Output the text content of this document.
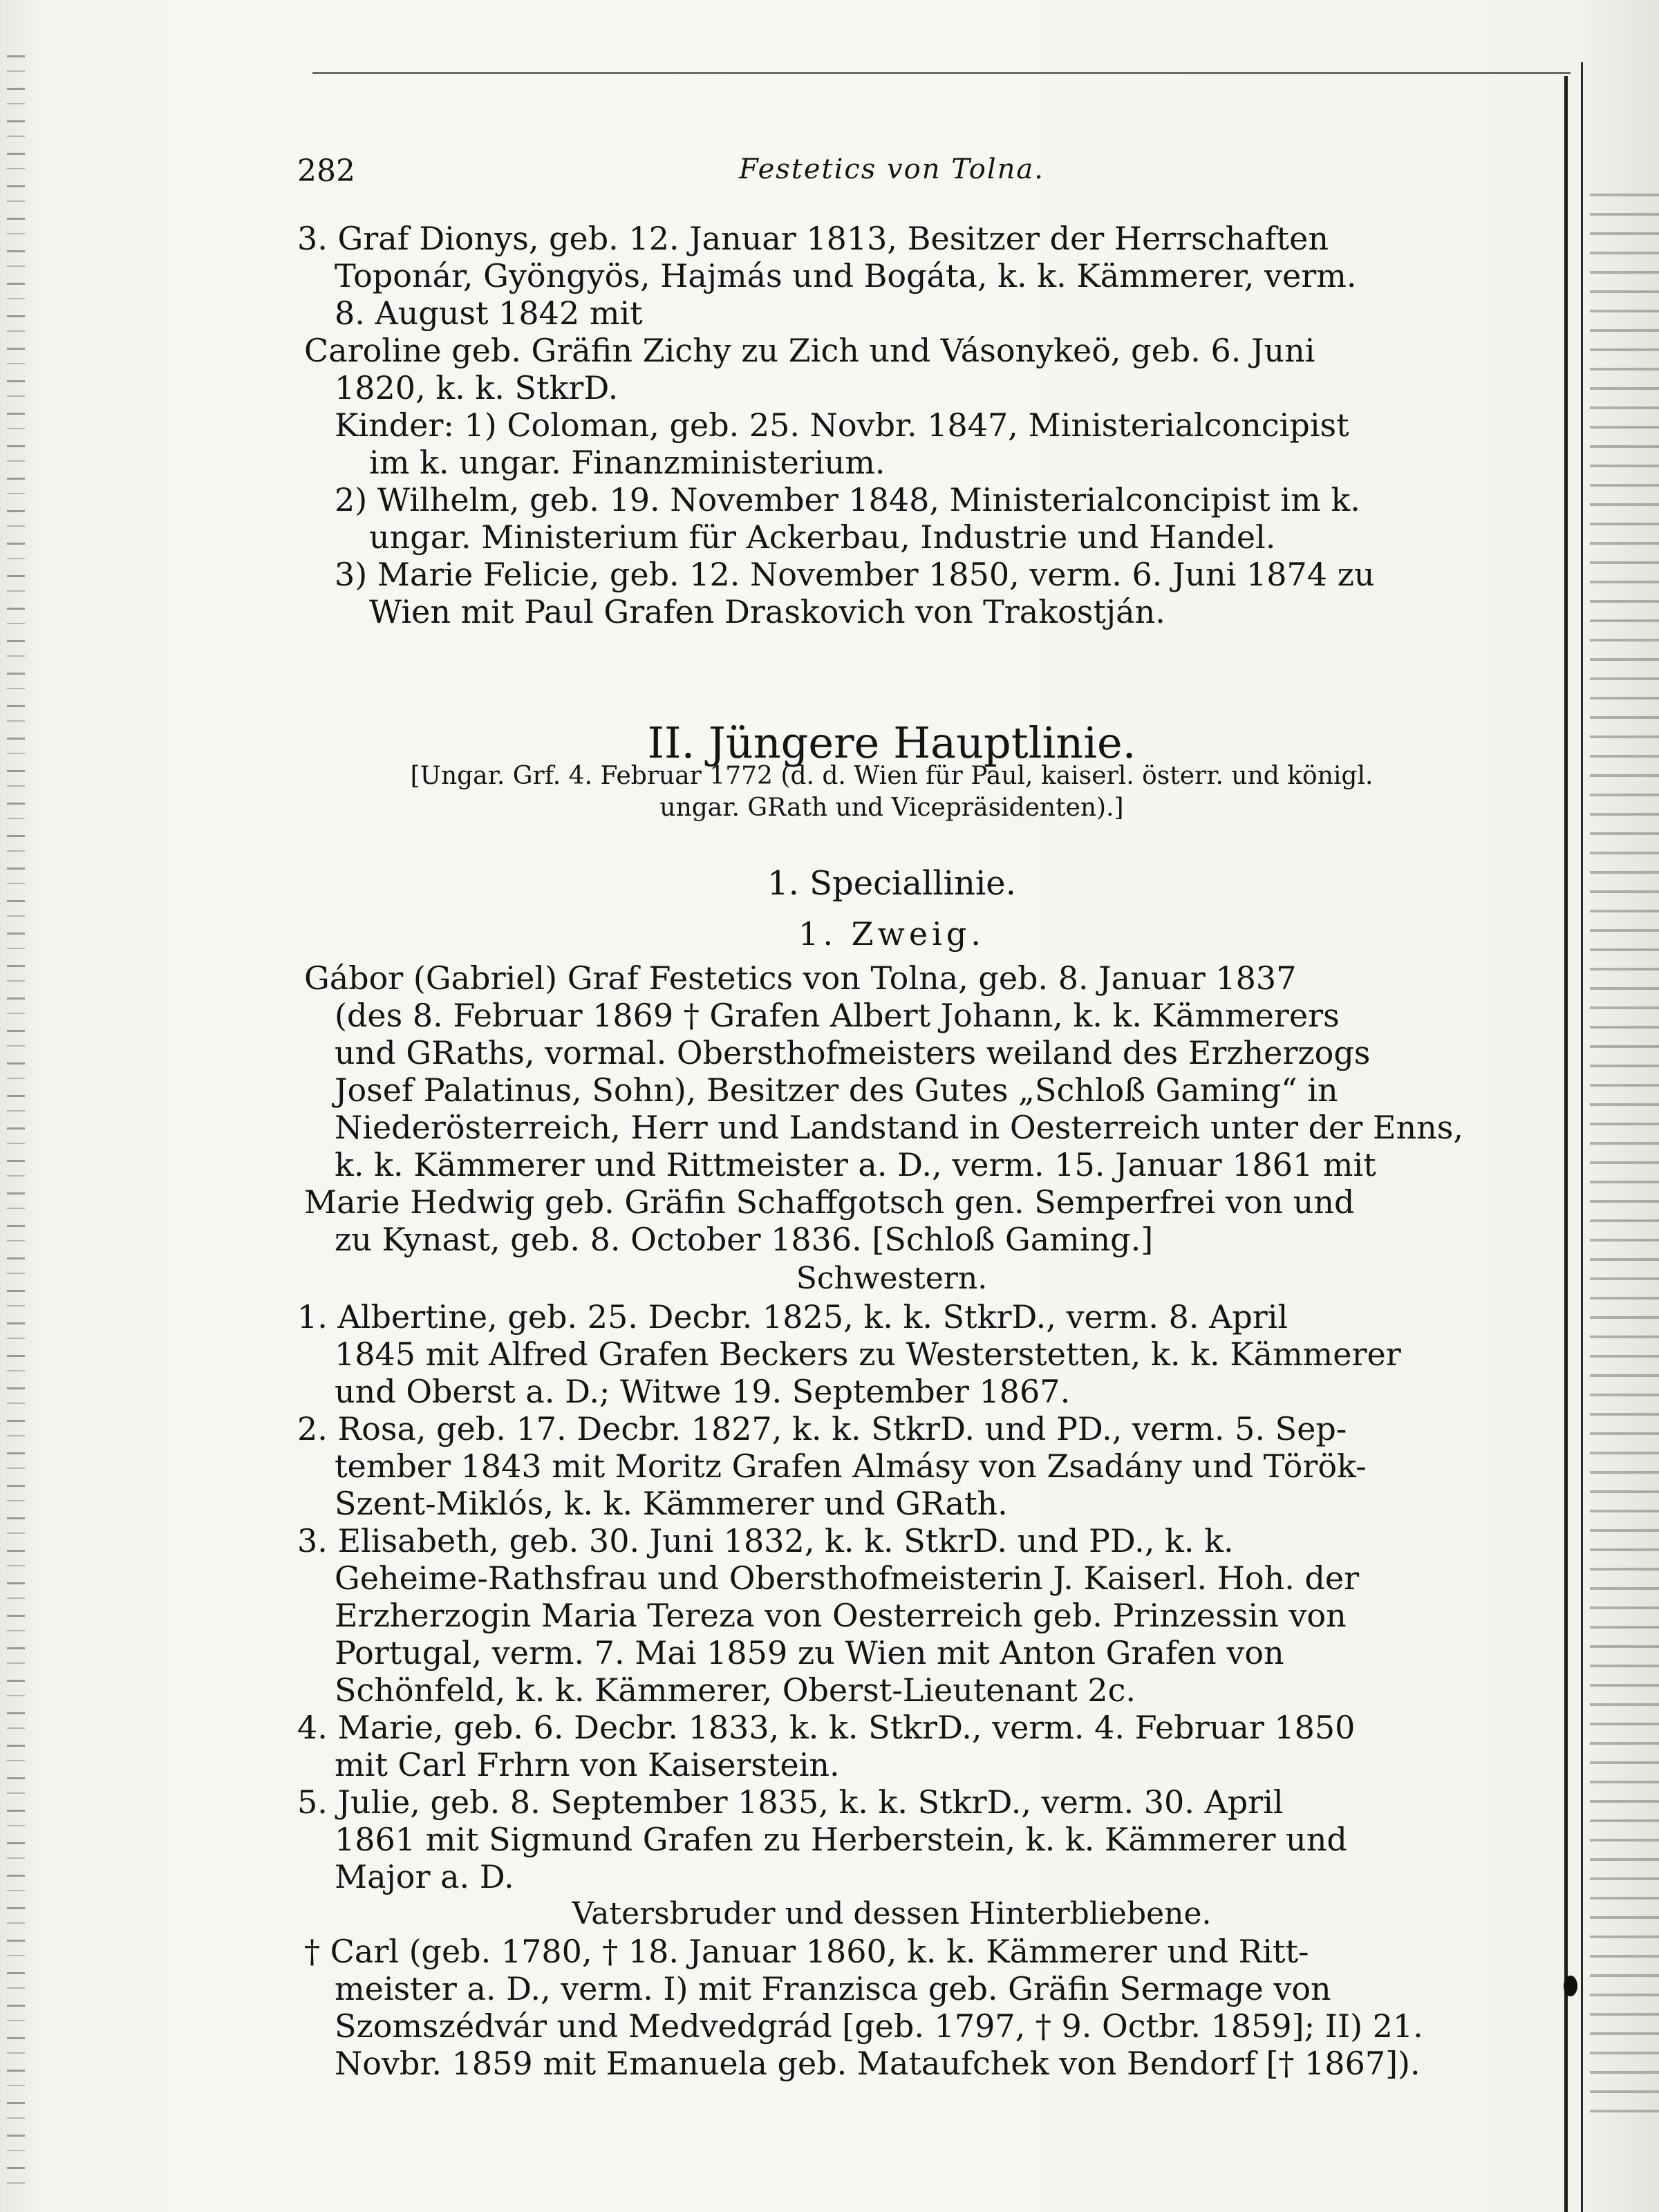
282	Festetics von Tolna.
3. Graf Dionys, geb. 12. Januar 1813, Besitzer der Herrschaften
Toponár, Gyöngyös, Hajmás und Bogáta, k. k. Kämmerer, verm.
8. August 1842 mit
Caroline geb. Gräfin Zichy zu Zich und Vásonykeö, geb. 6. Juni
1820, k. k. StkrD.
Kinder: 1) Coloman, geb. 25. Novbr. 1847, Ministerialconcipist
im k. ungar. Finanzministerium.
2) Wilhelm, geb. 19. November 1848, Ministerialconcipist im k.
ungar. Ministerium für Ackerbau, Industrie und Handel.
3) Marie Felicie, geb. 12. November 1850, verm. 6. Juni 1874 zu
Wien mit Paul Grafen Draskovich von Trakostján.
II. Jüngere Hauptlinie.
[Ungar. Grf. 4. Februar 1772 (d. d. Wien für Paul, kaiserl. österr. und königl.
ungar. GRath und Vicepräsidenten).]
1. Speciallinie.
1. Zweig.
Gábor (Gabriel) Graf Festetics von Tolna, geb. 8. Januar 1837
(des 8. Februar 1869 † Grafen Albert Johann, k. k. Kämmerers
und GRaths, vormal. Obersthofmeisters weiland des Erzherzogs
Josef Palatinus, Sohn), Besitzer des Gutes „Schloß Gaming“ in
Niederösterreich, Herr und Landstand in Oesterreich unter der Enns,
k. k. Kämmerer und Rittmeister a. D., verm. 15. Januar 1861 mit
Marie Hedwig geb. Gräfin Schaffgotsch gen. Semperfrei von und
zu Kynast, geb. 8. October 1836. [Schloß Gaming.]
Schwestern.
1. Albertine, geb. 25. Decbr. 1825, k. k. StkrD., verm. 8. April
1845 mit Alfred Grafen Beckers zu Westerstetten, k. k. Kämmerer
und Oberst a. D.; Witwe 19. September 1867.
2. Rosa, geb. 17. Decbr. 1827, k. k. StkrD. und PD., verm. 5. Sep-
tember 1843 mit Moritz Grafen Almásy von Zsadány und Török-
Szent-Miklós, k. k. Kämmerer und GRath.
3. Elisabeth, geb. 30. Juni 1832, k. k. StkrD. und PD., k. k.
Geheime-Rathsfrau und Obersthofmeisterin J. Kaiserl. Hoh. der
Erzherzogin Maria Tereza von Oesterreich geb. Prinzessin von
Portugal, verm. 7. Mai 1859 zu Wien mit Anton Grafen von
Schönfeld, k. k. Kämmerer, Oberst-Lieutenant 2c.
4. Marie, geb. 6. Decbr. 1833, k. k. StkrD., verm. 4. Februar 1850
mit Carl Frhrn von Kaiserstein.
5. Julie, geb. 8. September 1835, k. k. StkrD., verm. 30. April
1861 mit Sigmund Grafen zu Herberstein, k. k. Kämmerer und
Major a. D.
Vatersbruder und dessen Hinterbliebene.
† Carl (geb. 1780, † 18. Januar 1860, k. k. Kämmerer und Ritt-
meister a. D., verm. I) mit Franzisca geb. Gräfin Sermage von
Szomszédvár und Medvedgrád [geb. 1797, † 9. Octbr. 1859]; II) 21.
Novbr. 1859 mit Emanuela geb. Mataufchek von Bendorf [† 1867]).
